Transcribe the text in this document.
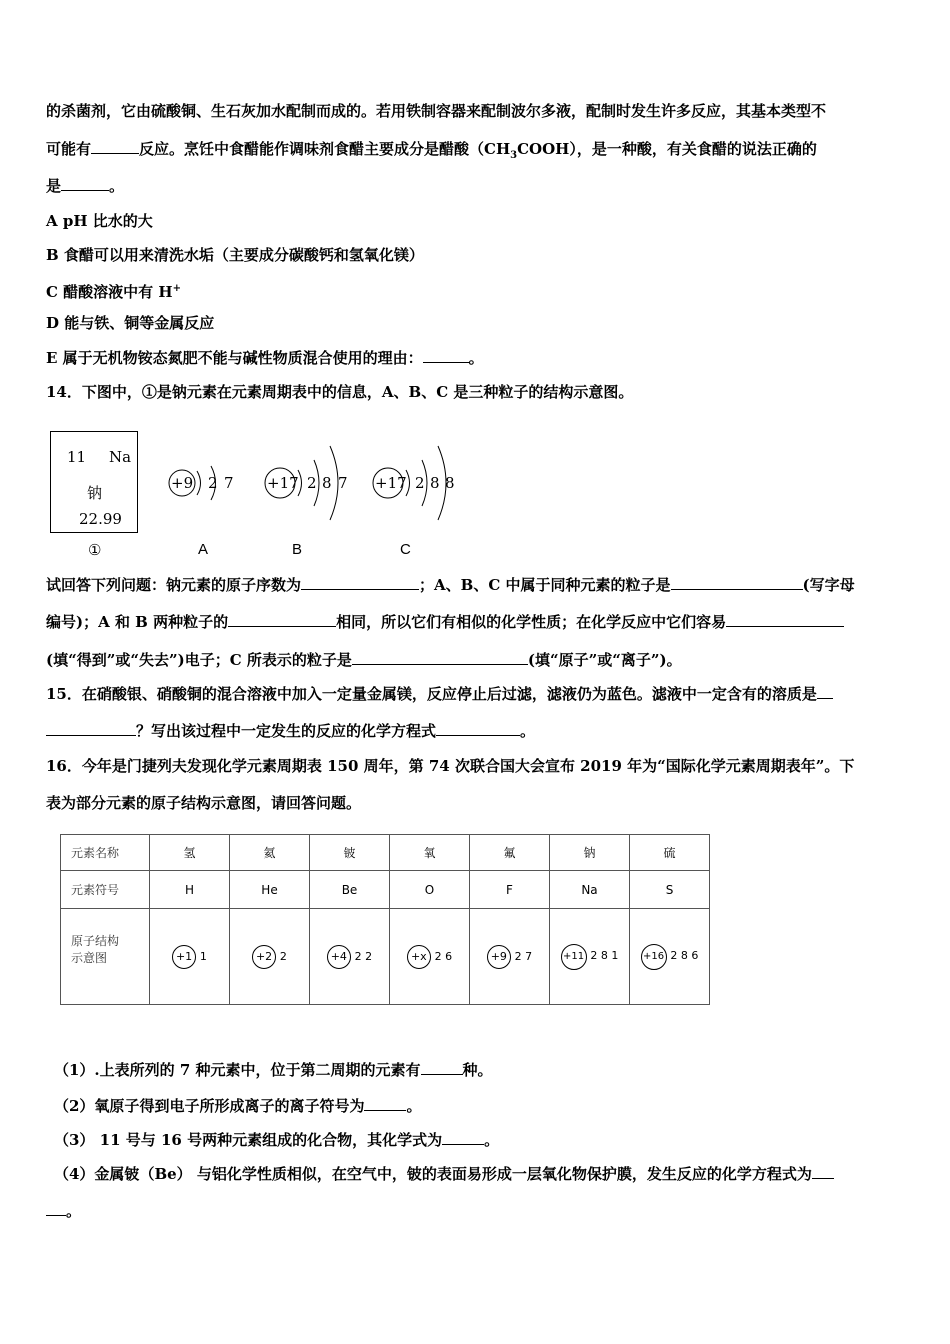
的杀菌剂，它由硫酸铜、生石灰加水配制而成的。若用铁制容器来配制波尔多液，配制时发生许多反应，其基本类型不
可能有	反应。烹饪中食醋能作调味剂食醋主要成分是醋酸$(CH_3COOH)$，是一种酸，有关食醋的说法正确的
是	。
A pH 比水的大
B 食醋可以用来清洗水垢（主要成分碳酸钙和氢氧化镁）
C 醋酸溶液中有 H+
D 能与铁、铜等金属反应
E 属于无机物铵态氮肥不能与碱性物质混合使用的理由：	。
14．下图中，①是钠元素在元素周期表中的信息，A、B、C 是三种粒子的结构示意图。
11 Na
钠
22.99
①
+9 2 7
A
+17 2 8 7
B
+17 2 8 8
C
试回答下列问题：钠元素的原子序数为	；A、B、C 中属于同种元素的粒子是	(写字母
编号)；A 和 B 两种粒子的	相同，所以它们有相似的化学性质；在化学反应中它们容易
(填“得到”或“失去”)电子；C 所表示的粒子是	(填“原子”或“离子”)。
15．在硝酸银、硝酸铜的混合溶液中加入一定量金属镁，反应停止后过滤，滤液仍为蓝色。滤液中一定含有的溶质是
？写出该过程中一定发生的反应的化学方程式	。
16．今年是门捷列夫发现化学元素周期表 150 周年，第 74 次联合国大会宣布 2019 年为“国际化学元素周期表年”。下
表为部分元素的原子结构示意图，请回答问题。
元素名称	氢	氦	铍	氧	氟	钠	硫
元素符号	H	He	Be	O	F	Na	S

原子结构
示意图	+1 1	+2 2	+4 2 2	+x 2 6	+9 2 7	+11 2 8 1	+16 2 8 6
（1）.上表所列的 7 种元素中，位于第二周期的元素有	种。
（2）氧原子得到电子所形成离子的离子符号为	。
（3） 11 号与 16 号两种元素组成的化合物，其化学式为	。
（4）金属铍（Be） 与铝化学性质相似，在空气中，铍的表面易形成一层氧化物保护膜，发生反应的化学方程式为
。
